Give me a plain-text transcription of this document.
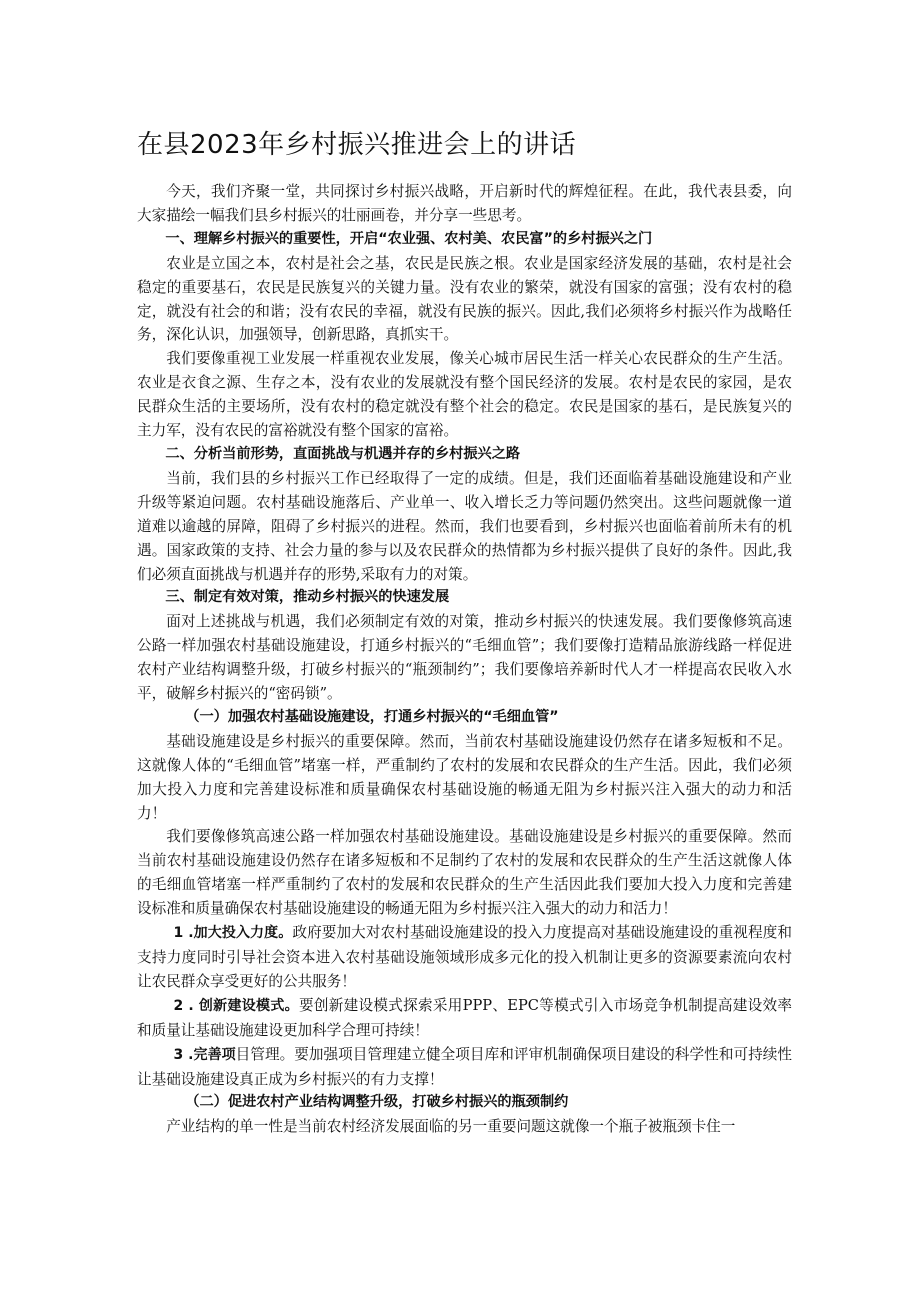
在县2023年乡村振兴推进会上的讲话

今天，我们齐聚一堂，共同探讨乡村振兴战略，开启新时代的辉煌征程。在此，我代表县委，向大家描绘一幅我们县乡村振兴的壮丽画卷，并分享一些思考。

一、理解乡村振兴的重要性，开启“农业强、农村美、农民富”的乡村振兴之门

农业是立国之本，农村是社会之基，农民是民族之根。农业是国家经济发展的基础，农村是社会稳定的重要基石，农民是民族复兴的关键力量。没有农业的繁荣，就没有国家的富强；没有农村的稳定，就没有社会的和谐；没有农民的幸福，就没有民族的振兴。因此,我们必须将乡村振兴作为战略任务，深化认识，加强领导，创新思路，真抓实干。

我们要像重视工业发展一样重视农业发展，像关心城市居民生活一样关心农民群众的生产生活。农业是衣食之源、生存之本，没有农业的发展就没有整个国民经济的发展。农村是农民的家园，是农民群众生活的主要场所，没有农村的稳定就没有整个社会的稳定。农民是国家的基石，是民族复兴的主力军，没有农民的富裕就没有整个国家的富裕。

二、分析当前形势，直面挑战与机遇并存的乡村振兴之路

当前，我们县的乡村振兴工作已经取得了一定的成绩。但是，我们还面临着基础设施建设和产业升级等紧迫问题。农村基础设施落后、产业单一、收入增长乏力等问题仍然突出。这些问题就像一道道难以逾越的屏障，阻碍了乡村振兴的进程。然而，我们也要看到，乡村振兴也面临着前所未有的机遇。国家政策的支持、社会力量的参与以及农民群众的热情都为乡村振兴提供了良好的条件。因此,我们必须直面挑战与机遇并存的形势,采取有力的对策。

三、制定有效对策，推动乡村振兴的快速发展

面对上述挑战与机遇，我们必须制定有效的对策，推动乡村振兴的快速发展。我们要像修筑高速公路一样加强农村基础设施建设，打通乡村振兴的“毛细血管”；我们要像打造精品旅游线路一样促进农村产业结构调整升级，打破乡村振兴的“瓶颈制约”；我们要像培养新时代人才一样提高农民收入水平，破解乡村振兴的“密码锁”。

（一）加强农村基础设施建设，打通乡村振兴的“毛细血管”

基础设施建设是乡村振兴的重要保障。然而，当前农村基础设施建设仍然存在诸多短板和不足。这就像人体的“毛细血管”堵塞一样，严重制约了农村的发展和农民群众的生产生活。因此，我们必须加大投入力度和完善建设标准和质量确保农村基础设施的畅通无阻为乡村振兴注入强大的动力和活力！

我们要像修筑高速公路一样加强农村基础设施建设。基础设施建设是乡村振兴的重要保障。然而当前农村基础设施建设仍然存在诸多短板和不足制约了农村的发展和农民群众的生产生活这就像人体的毛细血管堵塞一样严重制约了农村的发展和农民群众的生产生活因此我们要加大投入力度和完善建设标准和质量确保农村基础设施建设的畅通无阻为乡村振兴注入强大的动力和活力！

1 .加大投入力度。政府要加大对农村基础设施建设的投入力度提高对基础设施建设的重视程度和支持力度同时引导社会资本进入农村基础设施领域形成多元化的投入机制让更多的资源要素流向农村让农民群众享受更好的公共服务！

2 . 创新建设模式。要创新建设模式探索采用PPP、EPC等模式引入市场竞争机制提高建设效率和质量让基础设施建设更加科学合理可持续！

3 .完善项目管理。要加强项目管理建立健全项目库和评审机制确保项目建设的科学性和可持续性让基础设施建设真正成为乡村振兴的有力支撑！

（二）促进农村产业结构调整升级，打破乡村振兴的瓶颈制约

产业结构的单一性是当前农村经济发展面临的另一重要问题这就像一个瓶子被瓶颈卡住一
